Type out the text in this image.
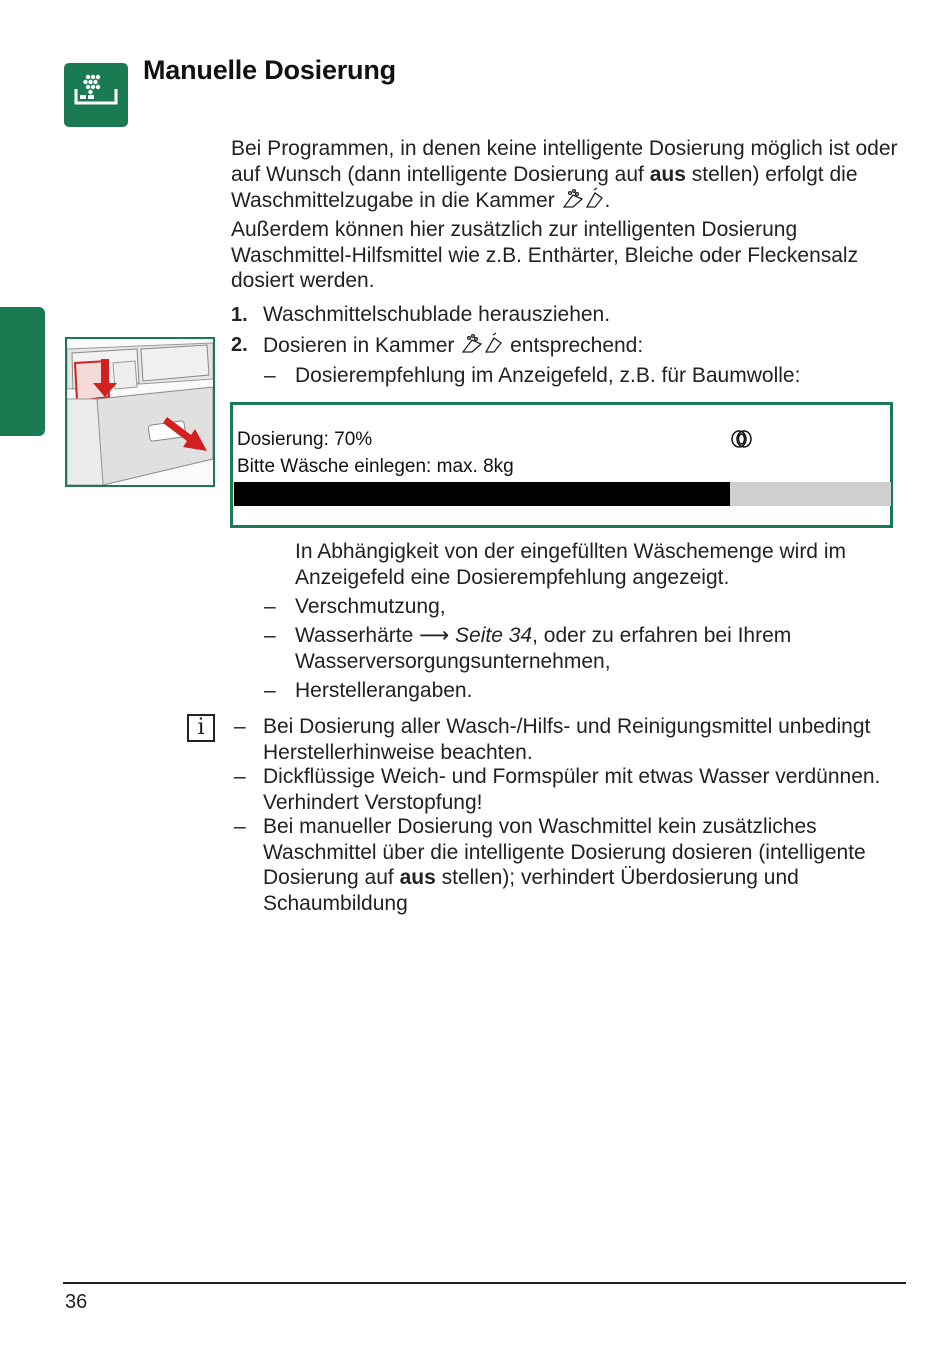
Manuelle Dosierung
Bei Programmen, in denen keine intelligente Dosierung möglich ist oder auf Wunsch (dann intelligente Dosierung auf aus stellen) erfolgt die Waschmittelzugabe in die Kammer .
Außerdem können hier zusätzlich zur intelligenten Dosierung Waschmittel-Hilfsmittel wie z.B. Enthärter, Bleiche oder Fleckensalz dosiert werden.
1. Waschmittelschublade herausziehen.
2. Dosieren in Kammer	entsprechend:
– Dosierempfehlung im Anzeigefeld, z.B. für Baumwolle:
Dosierung: 70%
Bitte Wäsche einlegen: max. 8kg
In Abhängigkeit von der eingefüllten Wäschemenge wird im Anzeigefeld eine Dosierempfehlung angezeigt.
– Verschmutzung,
– Wasserhärte ⟶ Seite 34, oder zu erfahren bei Ihrem Wasserversorgungsunternehmen,
– Herstellerangaben.
i	– Bei Dosierung aller Wasch-/Hilfs- und Reinigungsmittel unbedingt Herstellerhinweise beachten.
– Dickflüssige Weich- und Formspüler mit etwas Wasser verdünnen. Verhindert Verstopfung!
– Bei manueller Dosierung von Waschmittel kein zusätzliches Waschmittel über die intelligente Dosierung dosieren (intelligente Dosierung auf aus stellen); verhindert Überdosierung und Schaumbildung
36
